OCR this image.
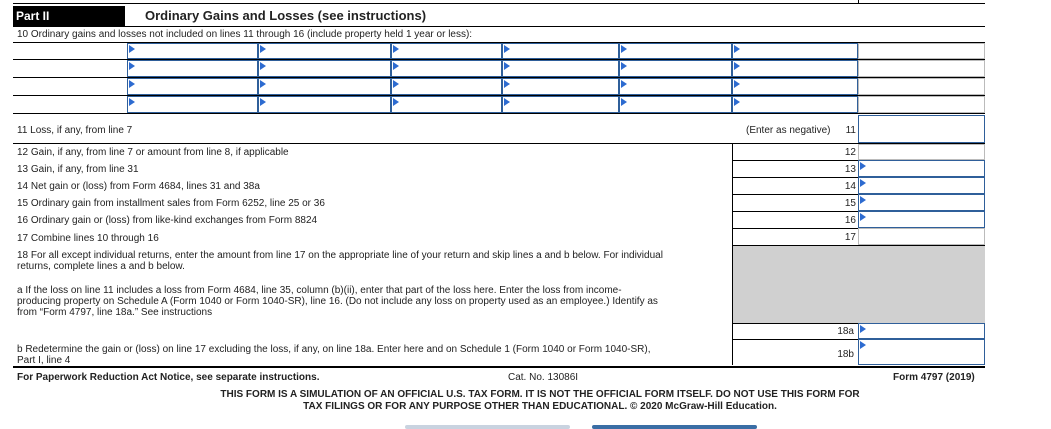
Part II	Ordinary Gains and Losses (see instructions)
10 Ordinary gains and losses not included on lines 11 through 16 (include property held 1 year or less):
11 Loss, if any, from line 7	(Enter as negative)	11
12 Gain, if any, from line 7 or amount from line 8, if applicable	12
13 Gain, if any, from line 31	13
14 Net gain or (loss) from Form 4684, lines 31 and 38a	14
15 Ordinary gain from installment sales from Form 6252, line 25 or 36	15
16 Ordinary gain or (loss) from like-kind exchanges from Form 8824	16
17 Combine lines 10 through 16	17
18 For all except individual returns, enter the amount from line 17 on the appropriate line of your return and skip lines a and b below. For individual
returns, complete lines a and b below.
a If the loss on line 11 includes a loss from Form 4684, line 35, column (b)(ii), enter that part of the loss here. Enter the loss from income-
producing property on Schedule A (Form 1040 or Form 1040-SR), line 16. (Do not include any loss on property used as an employee.) Identify as
from “Form 4797, line 18a.” See instructions
18a
b Redetermine the gain or (loss) on line 17 excluding the loss, if any, on line 18a. Enter here and on Schedule 1 (Form 1040 or Form 1040-SR),
Part I, line 4
18b
For Paperwork Reduction Act Notice, see separate instructions.	Cat. No. 13086I	Form 4797 (2019)
THIS FORM IS A SIMULATION OF AN OFFICIAL U.S. TAX FORM. IT IS NOT THE OFFICIAL FORM ITSELF. DO NOT USE THIS FORM FOR
TAX FILINGS OR FOR ANY PURPOSE OTHER THAN EDUCATIONAL. © 2020 McGraw-Hill Education.
